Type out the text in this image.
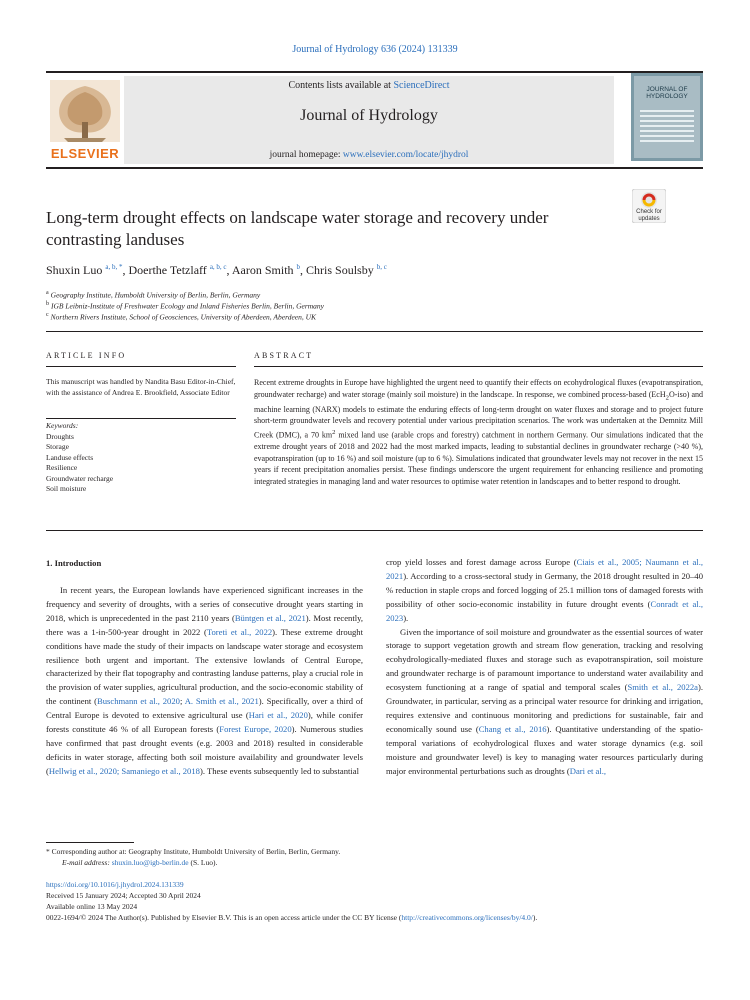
Journal of Hydrology 636 (2024) 131339
ELSEVIER
Contents lists available at ScienceDirect
Journal of Hydrology
journal homepage: www.elsevier.com/locate/jhydrol
JOURNAL OF HYDROLOGY
Long-term drought effects on landscape water storage and recovery under contrasting landuses
Check for updates
Shuxin Luo $^{a, b, *}$, Doerthe Tetzlaff $^{a, b, c}$, Aaron Smith $^b$, Chris Soulsby $^{b, c}$
$^a$ Geography Institute, Humboldt University of Berlin, Berlin, Germany
$^b$ IGB Leibniz-Institute of Freshwater Ecology and Inland Fisheries Berlin, Berlin, Germany
$^c$ Northern Rivers Institute, School of Geosciences, University of Aberdeen, Aberdeen, UK
ARTICLE INFO
This manuscript was handled by Nandita Basu Editor-in-Chief, with the assistance of Andrea E. Brookfield, Associate Editor
Keywords:
Droughts
Storage
Landuse effects
Resilience
Groundwater recharge
Soil moisture
ABSTRACT
Recent extreme droughts in Europe have highlighted the urgent need to quantify their effects on ecohydrological fluxes (evapotranspiration, groundwater recharge) and water storage (mainly soil moisture) in the landscape. In response, we combined process-based (EcH$_2$O-iso) and machine learning (NARX) models to estimate the enduring effects of long-term drought on water fluxes and storage and to project future short-term groundwater levels and recovery potential under various precipitation scenarios. The work was undertaken at the Demnitz Mill Creek (DMC), a 70 $km^2$ mixed land use (arable crops and forestry) catchment in northern Germany. Our simulations indicated that the extreme drought years of 2018 and 2022 had the most marked impacts, leading to substantial declines in groundwater recharge (>40 %), evapotranspiration (up to 16 %) and soil moisture (up to 6 %). Simulations indicated that groundwater levels may not recover in the next 15 years if recent precipitation anomalies persist. These findings underscore the urgent requirement for enhancing resilience and promoting integrated strategies in managing land and water resources to optimise water retention in landscapes and to better respond to drought.
1. Introduction

In recent years, the European lowlands have experienced significant increases in the frequency and severity of droughts, with a series of consecutive drought years starting in 2018, which is unprecedented in the past 2110 years (Büntgen et al., 2021). Most recently, there was a 1-in-500-year drought in 2022 (Toreti et al., 2022). These extreme drought conditions have made the study of their impacts on landscape water storage and ecosystem resilience both urgent and important. The extensive lowlands of Central Europe, characterized by their flat topography and contrasting landuse patterns, play a crucial role in the provision of water supplies, agricultural production, and the socio-economic stability of the continent (Buschmann et al., 2020; A. Smith et al., 2021). Specifically, over a third of Central Europe is devoted to extensive agricultural use (Hari et al., 2020), while conifer forests constitute 46 % of all European forests (Forest Europe, 2020). Numerous studies have confirmed that past drought events (e.g. 2003 and 2018) resulted in considerable deficits in water storage, affecting both soil moisture availability and groundwater levels (Hellwig et al., 2020; Samaniego et al., 2018). These events subsequently led to substantial

crop yield losses and forest damage across Europe (Ciais et al., 2005; Naumann et al., 2021). According to a cross-sectoral study in Germany, the 2018 drought resulted in 20–40 % reduction in staple crops and forced logging of 25.1 million tons of damaged forests with possibility of other socio-economic instability in future drought events (Conradt et al., 2023).

Given the importance of soil moisture and groundwater as the essential sources of water storage to support vegetation growth and stream flow generation, tracking and resolving ecohydrologically-mediated fluxes and storage such as evapotranspiration, soil moisture and groundwater recharge is of paramount importance to understand water availability and ecosystem functioning at a range of spatial and temporal scales (Smith et al., 2022a). Groundwater, in particular, serving as a principal water resource for drinking and irrigation, requires extensive and continuous monitoring and predictions for sustainable, fair and economically sound use (Chang et al., 2016). Quantitative understanding of the spatio-temporal variations of ecohydrological fluxes and water storage dynamics (e.g. soil moisture and groundwater level) is key to managing water resources particularly during major environmental perturbations such as droughts (Dari et al.,

* Corresponding author at: Geography Institute, Humboldt University of Berlin, Berlin, Germany.
E-mail address: shuxin.luo@igb-berlin.de (S. Luo).
https://doi.org/10.1016/j.jhydrol.2024.131339
Received 15 January 2024; Accepted 30 April 2024
Available online 13 May 2024
0022-1694/© 2024 The Author(s). Published by Elsevier B.V. This is an open access article under the CC BY license (http://creativecommons.org/licenses/by/4.0/).
